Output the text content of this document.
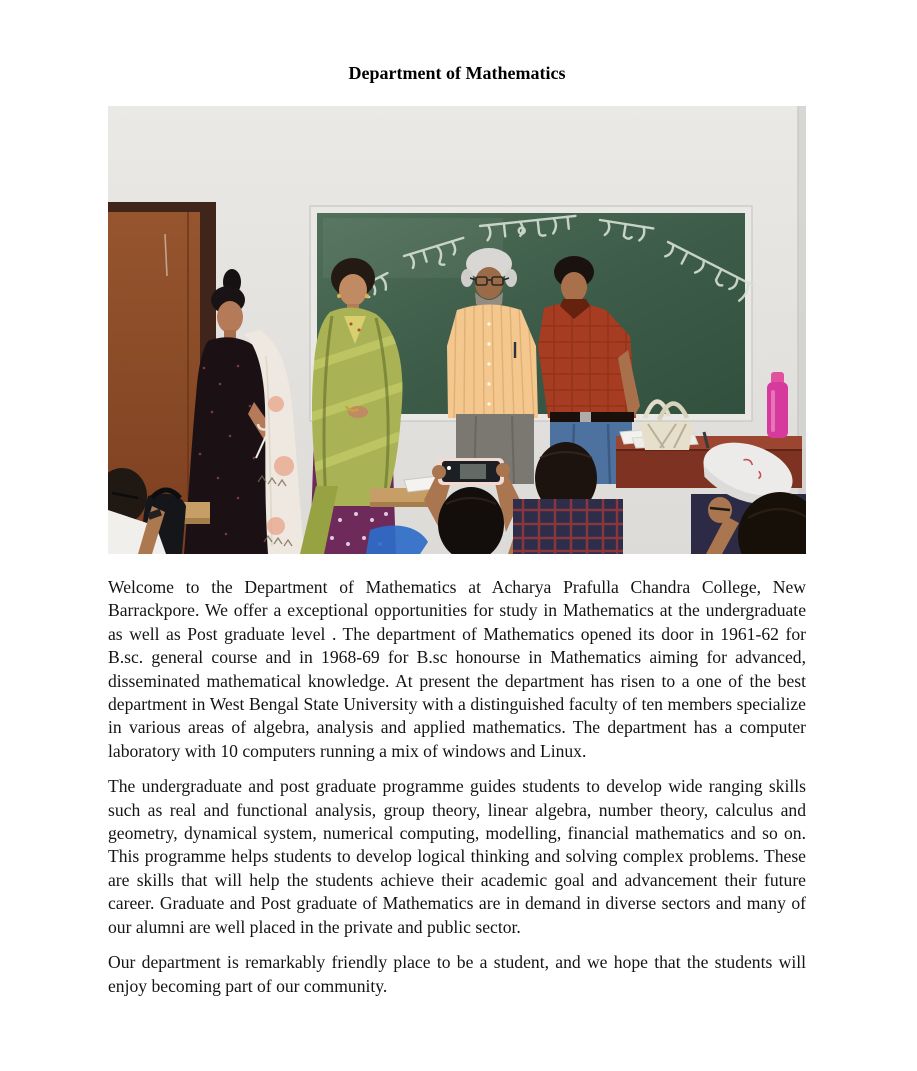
Department of Mathematics

Welcome to the Department of Mathematics at Acharya Prafulla Chandra College, New Barrackpore. We offer a exceptional opportunities for study in Mathematics at the undergraduate as well as Post graduate level . The department of Mathematics opened its door in 1961-62 for B.sc. general course and in 1968-69 for B.sc honourse in Mathematics aiming for advanced, disseminated mathematical knowledge. At present the department has risen to a one of the best department in West Bengal State University with a distinguished faculty of ten members specialize in various areas of algebra, analysis and applied mathematics. The department has a computer laboratory with 10 computers running a mix of windows and Linux.

The undergraduate and post graduate programme guides students to develop wide ranging skills such as real and functional analysis, group theory, linear algebra, number theory, calculus and geometry, dynamical system, numerical computing, modelling, financial mathematics and so on. This programme helps students to develop logical thinking and solving complex problems. These are skills that will help the students achieve their academic goal and advancement their future career. Graduate and Post graduate of Mathematics are in demand in diverse sectors and many of our alumni are well placed in the private and public sector.

Our department is remarkably friendly place to be a student, and we hope that the students will enjoy becoming part of our community.
